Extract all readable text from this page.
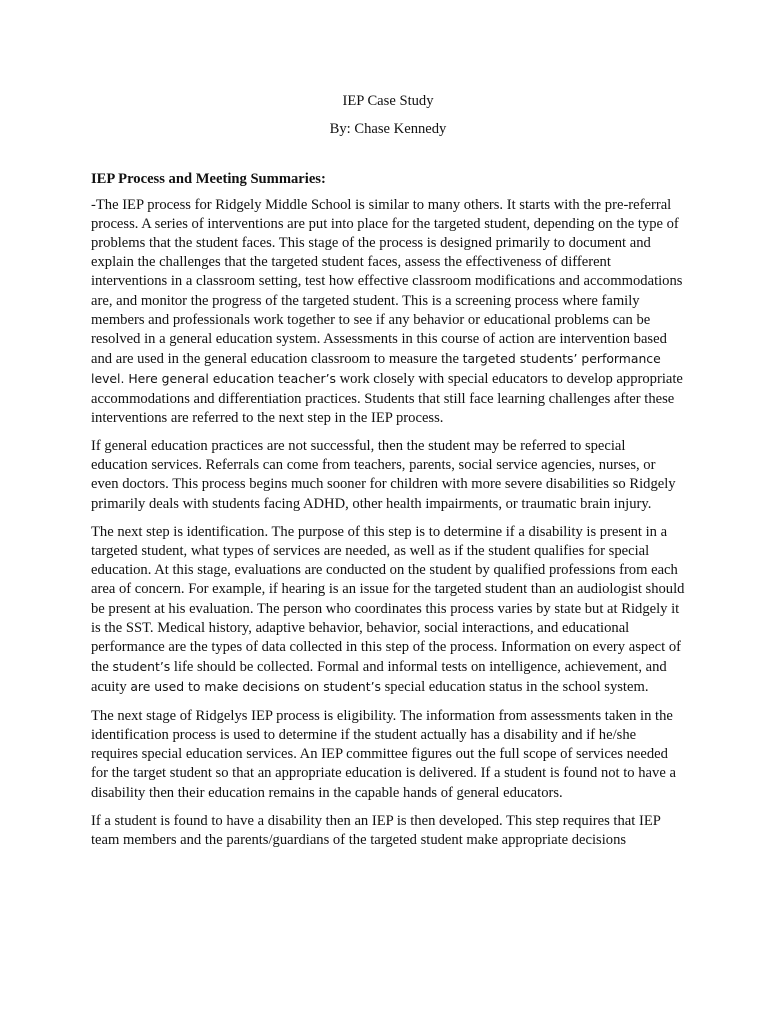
IEP Case Study

By: Chase Kennedy

IEP Process and Meeting Summaries:

-The IEP process for Ridgely Middle School is similar to many others. It starts with the pre-referral process. A series of interventions are put into place for the targeted student, depending on the type of problems that the student faces. This stage of the process is designed primarily to document and explain the challenges that the targeted student faces, assess the effectiveness of different interventions in a classroom setting, test how effective classroom modifications and accommodations are, and monitor the progress of the targeted student. This is a screening process where family members and professionals work together to see if any behavior or educational problems can be resolved in a general education system. Assessments in this course of action are intervention based and are used in the general education classroom to measure the targeted students’ performance level. Here general education teacher’s work closely with special educators to develop appropriate accommodations and differentiation practices. Students that still face learning challenges after these interventions are referred to the next step in the IEP process.

If general education practices are not successful, then the student may be referred to special education services. Referrals can come from teachers, parents, social service agencies, nurses, or even doctors. This process begins much sooner for children with more severe disabilities so Ridgely primarily deals with students facing ADHD, other health impairments, or traumatic brain injury.

The next step is identification. The purpose of this step is to determine if a disability is present in a targeted student, what types of services are needed, as well as if the student qualifies for special education. At this stage, evaluations are conducted on the student by qualified professions from each area of concern. For example, if hearing is an issue for the targeted student than an audiologist should be present at his evaluation. The person who coordinates this process varies by state but at Ridgely it is the SST. Medical history, adaptive behavior, behavior, social interactions, and educational performance are the types of data collected in this step of the process. Information on every aspect of the student’s life should be collected. Formal and informal tests on intelligence, achievement, and acuity are used to make decisions on student’s special education status in the school system.

The next stage of Ridgelys IEP process is eligibility. The information from assessments taken in the identification process is used to determine if the student actually has a disability and if he/she requires special education services. An IEP committee figures out the full scope of services needed for the target student so that an appropriate education is delivered. If a student is found not to have a disability then their education remains in the capable hands of general educators.

If a student is found to have a disability then an IEP is then developed. This step requires that IEP team members and the parents/guardians of the targeted student make appropriate decisions
